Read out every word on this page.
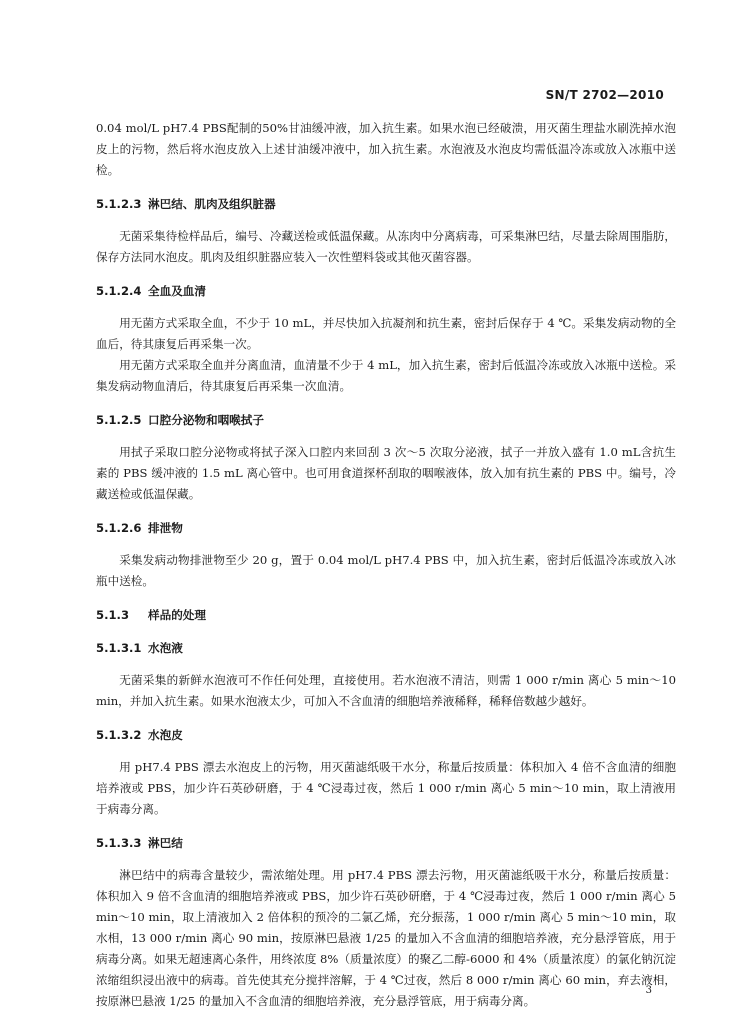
SN/T 2702—2010

0.04 mol/L pH7.4 PBS配制的50%甘油缓冲液，加入抗生素。如果水泡已经破溃，用灭菌生理盐水刷洗掉水泡皮上的污物，然后将水泡皮放入上述甘油缓冲液中，加入抗生素。水泡液及水泡皮均需低温冷冻或放入冰瓶中送检。

5.1.2.3 淋巴结、肌肉及组织脏器

无菌采集待检样品后，编号、冷藏送检或低温保藏。从冻肉中分离病毒，可采集淋巴结，尽量去除周围脂肪，保存方法同水泡皮。肌肉及组织脏器应装入一次性塑料袋或其他灭菌容器。

5.1.2.4 全血及血清

用无菌方式采取全血，不少于 10 mL，并尽快加入抗凝剂和抗生素，密封后保存于 4 ℃。采集发病动物的全血后，待其康复后再采集一次。

用无菌方式采取全血并分离血清，血清量不少于 4 mL，加入抗生素，密封后低温冷冻或放入冰瓶中送检。采集发病动物血清后，待其康复后再采集一次血清。

5.1.2.5 口腔分泌物和咽喉拭子

用拭子采取口腔分泌物或将拭子深入口腔内来回刮 3 次～5 次取分泌液，拭子一并放入盛有 1.0 mL含抗生素的 PBS 缓冲液的 1.5 mL 离心管中。也可用食道探杯刮取的咽喉液体，放入加有抗生素的 PBS 中。编号，冷藏送检或低温保藏。

5.1.2.6 排泄物

采集发病动物排泄物至少 20 g，置于 0.04 mol/L pH7.4 PBS 中，加入抗生素，密封后低温冷冻或放入冰瓶中送检。

5.1.3 样品的处理
5.1.3.1 水泡液

无菌采集的新鲜水泡液可不作任何处理，直接使用。若水泡液不清洁，则需 1 000 r/min 离心 5 min～10 min，并加入抗生素。如果水泡液太少，可加入不含血清的细胞培养液稀释，稀释倍数越少越好。

5.1.3.2 水泡皮

用 pH7.4 PBS 漂去水泡皮上的污物，用灭菌滤纸吸干水分，称量后按质量：体积加入 4 倍不含血清的细胞培养液或 PBS，加少许石英砂研磨，于 4 ℃浸毒过夜，然后 1 000 r/min 离心 5 min～10 min，取上清液用于病毒分离。

5.1.3.3 淋巴结

淋巴结中的病毒含量较少，需浓缩处理。用 pH7.4 PBS 漂去污物，用灭菌滤纸吸干水分，称量后按质量：体积加入 9 倍不含血清的细胞培养液或 PBS，加少许石英砂研磨，于 4 ℃浸毒过夜，然后 1 000 r/min 离心 5 min～10 min，取上清液加入 2 倍体积的预冷的二氯乙烯，充分振荡，1 000 r/min 离心 5 min～10 min，取水相，13 000 r/min 离心 90 min，按原淋巴悬液 1/25 的量加入不含血清的细胞培养液，充分悬浮管底，用于病毒分离。如果无超速离心条件，用终浓度 8%（质量浓度）的聚乙二醇-6000 和 4%（质量浓度）的氯化钠沉淀浓缩组织浸出液中的病毒。首先使其充分搅拌溶解，于 4 ℃过夜，然后 8 000 r/min 离心 60 min，弃去液相，按原淋巴悬液 1/25 的量加入不含血清的细胞培养液，充分悬浮管底，用于病毒分离。

3
